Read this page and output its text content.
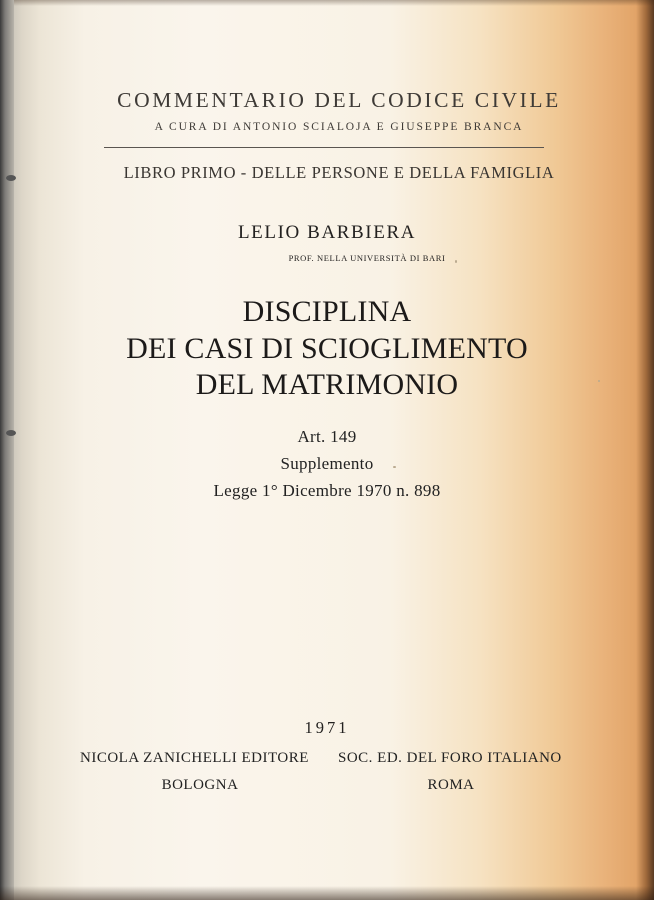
COMMENTARIO DEL CODICE CIVILE
A CURA DI ANTONIO SCIALOJA E GIUSEPPE BRANCA
LIBRO PRIMO - DELLE PERSONE E DELLA FAMIGLIA
LELIO BARBIERA
PROF. NELLA UNIVERSITÀ DI BARI
DISCIPLINA
DEI CASI DI SCIOGLIMENTO
DEL MATRIMONIO
Art. 149
Supplemento
Legge 1° Dicembre 1970 n. 898
1971
NICOLA ZANICHELLI EDITORE
BOLOGNA
SOC. ED. DEL FORO ITALIANO
ROMA
